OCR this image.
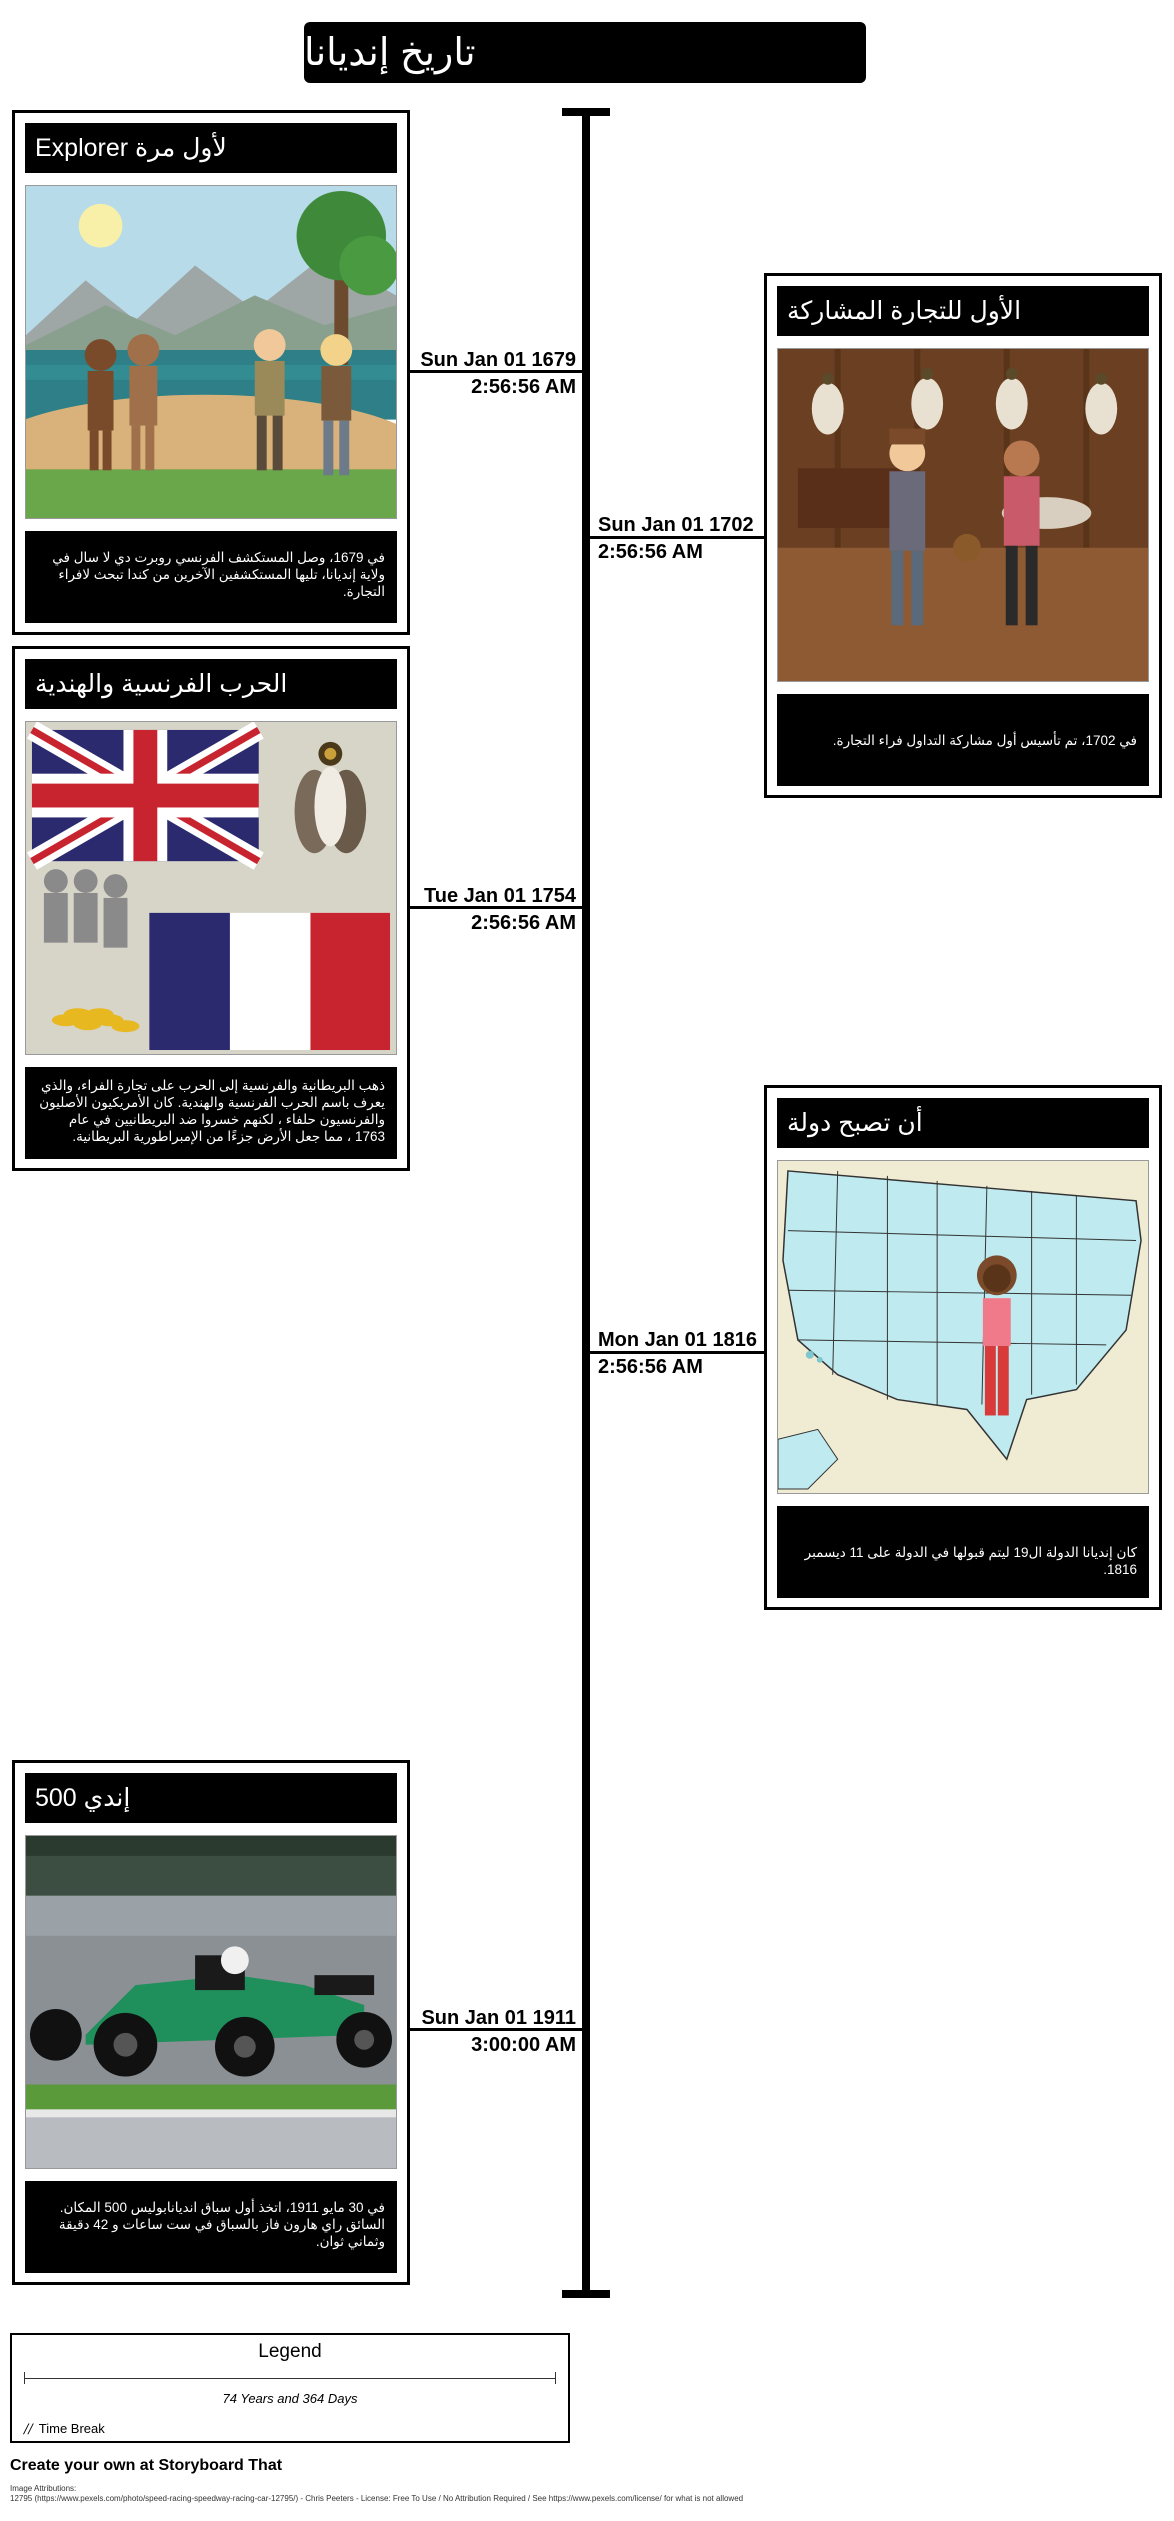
تاريخ إنديانا
Sun Jan 01 1679
2:56:56 AM
Sun Jan 01 1702
2:56:56 AM
Tue Jan 01 1754
2:56:56 AM
Mon Jan 01 1816
2:56:56 AM
Sun Jan 01 1911
3:00:00 AM
لأول مرة Explorer
في 1679، وصل المستكشف الفرنسي روبرت دي لا سال في ولاية إنديانا، تليها المستكشفين الآخرين من كندا تبحث لافراء التجارة.
الأول للتجارة المشاركة
في 1702، تم تأسيس أول مشاركة التداول فراء التجارة.
الحرب الفرنسية والهندية
ذهب البريطانية والفرنسية إلى الحرب على تجارة الفراء، والذي يعرف باسم الحرب الفرنسية والهندية. كان الأمريكيون الأصليون والفرنسيون حلفاء ، لكنهم خسروا ضد البريطانيين في عام 1763 ، مما جعل الأرض جزءًا من الإمبراطورية البريطانية.	أن تصبح دولة
كان إنديانا الدولة ال19 ليتم قبولها في الدولة على 11 ديسمبر 1816.
إندي 500
في 30 مايو 1911، اتخذ أول سباق انديانابوليس 500 المكان. السائق راي هارون فاز بالسباق في ست ساعات و 42 دقيقة وثماني ثوان.
Legend
74 Years and 364 Days
// Time Break
Create your own at Storyboard That
Image Attributions:
12795 (https://www.pexels.com/photo/speed-racing-speedway-racing-car-12795/) - Chris Peeters - License: Free To Use / No Attribution Required / See https://www.pexels.com/license/ for what is not allowed
